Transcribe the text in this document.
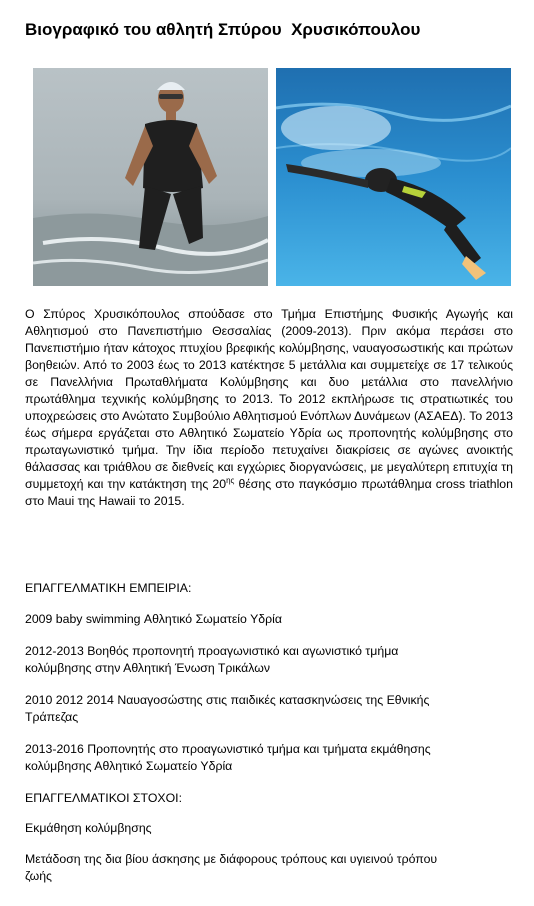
Βιογραφικό του αθλητή Σπύρου  Χρυσικόπουλου
Ο Σπύρος Χρυσικόπουλος σπούδασε στο Τμήμα Επιστήμης Φυσικής Αγωγής και Αθλητισμού στο Πανεπιστήμιο Θεσσαλίας (2009-2013). Πριν ακόμα περάσει στο Πανεπιστήμιο ήταν κάτοχος πτυχίου βρεφικής κολύμβησης, ναυαγοσωστικής και πρώτων βοηθειών. Από το 2003 έως το 2013 κατέκτησε 5 μετάλλια και συμμετείχε σε 17 τελικούς σε Πανελλήνια Πρωταθλήματα Κολύμβησης και δυο μετάλλια στο πανελλήνιο πρωτάθλημα τεχνικής κολύμβησης το 2013. Το 2012 εκπλήρωσε τις στρατιωτικές του υποχρεώσεις στο Ανώτατο Συμβούλιο Αθλητισμού Ενόπλων Δυνάμεων (ΑΣΑΕΔ). Το 2013 έως σήμερα εργάζεται στο Αθλητικό Σωματείο Υδρία ως προπονητής κολύμβησης στο πρωταγωνιστικό τμήμα. Την ίδια περίοδο πετυχαίνει διακρίσεις σε αγώνες ανοικτής θάλασσας και τριάθλου σε διεθνείς και εγχώριες διοργανώσεις, με μεγαλύτερη επιτυχία τη συμμετοχή και την κατάκτηση της $20^{\eta\varsigma}$ θέσης στο παγκόσμιο πρωτάθλημα cross triathlon στο Maui της Hawaii το 2015.
ΕΠΑΓΓΕΛΜΑΤΙΚΗ ΕΜΠΕΙΡΙΑ:
2009 baby swimming Αθλητικό Σωματείο Υδρία
2012-2013 Βοηθός προπονητή προαγωνιστικό και αγωνιστικό τμήμα
κολύμβησης στην Αθλητική Ένωση Τρικάλων
2010 2012 2014 Ναυαγοσώστης στις παιδικές κατασκηνώσεις της Εθνικής
Τράπεζας
2013-2016 Προπονητής στο προαγωνιστικό τμήμα και τμήματα εκμάθησης
κολύμβησης Αθλητικό Σωματείο Υδρία
ΕΠΑΓΓΕΛΜΑΤΙΚΟΙ ΣΤΟΧΟΙ:
Εκμάθηση κολύμβησης
Μετάδοση της δια βίου άσκησης με διάφορους τρόπους και υγιεινού τρόπου
ζωής
